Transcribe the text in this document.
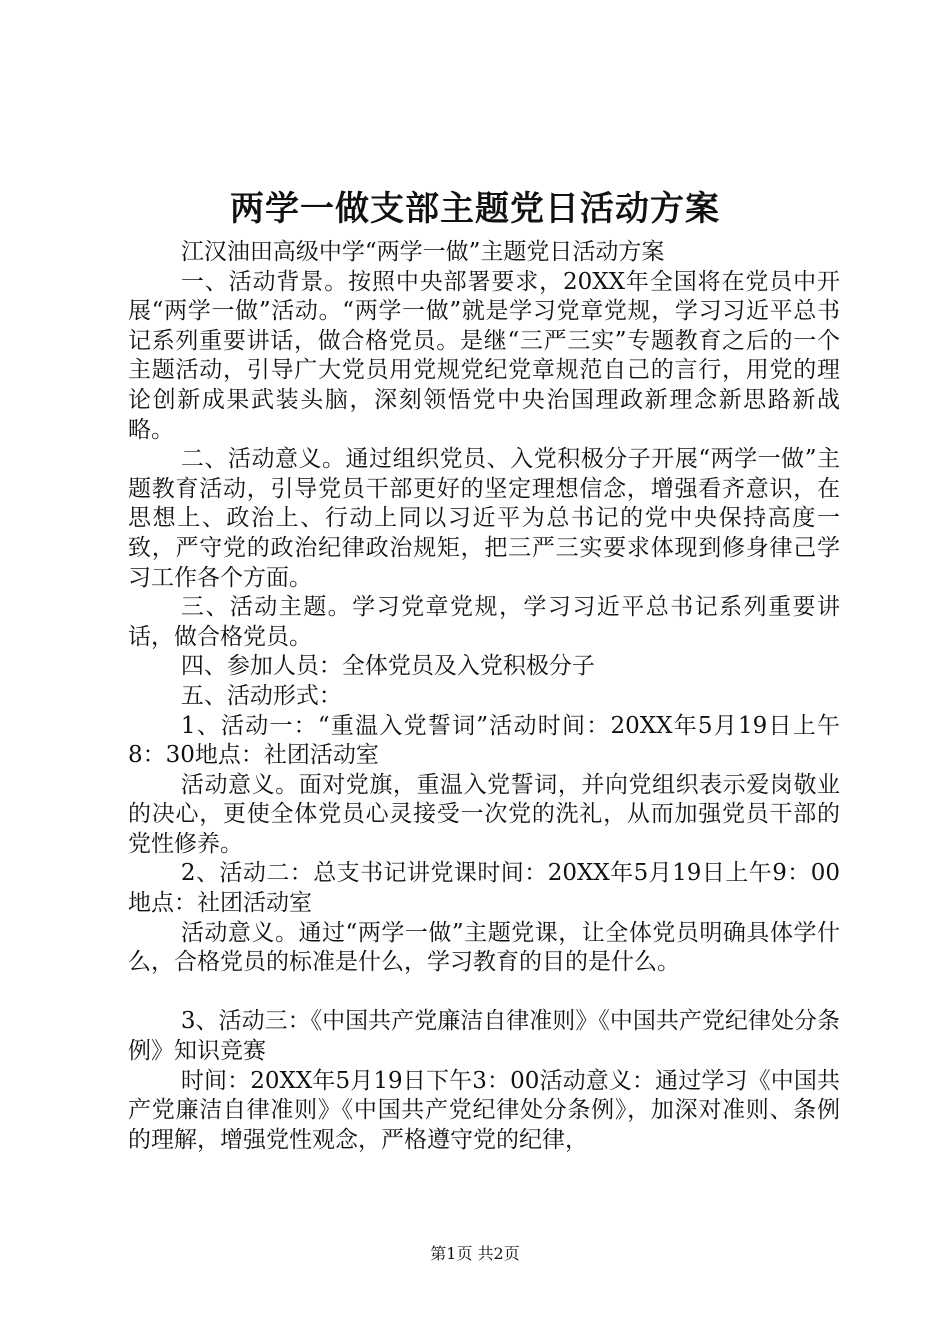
两学一做支部主题党日活动方案

江汉油田高级中学“两学一做”主题党日活动方案

一、活动背景。按照中央部署要求，20XX年全国将在党员中开展“两学一做”活动。“两学一做”就是学习党章党规，学习习近平总书记系列重要讲话，做合格党员。是继“三严三实”专题教育之后的一个主题活动，引导广大党员用党规党纪党章规范自己的言行，用党的理论创新成果武装头脑，深刻领悟党中央治国理政新理念新思路新战略。

二、活动意义。通过组织党员、入党积极分子开展“两学一做”主题教育活动，引导党员干部更好的坚定理想信念，增强看齐意识，在思想上、政治上、行动上同以习近平为总书记的党中央保持高度一致，严守党的政治纪律政治规矩，把三严三实要求体现到修身律己学习工作各个方面。

三、活动主题。学习党章党规，学习习近平总书记系列重要讲话，做合格党员。

四、参加人员：全体党员及入党积极分子

五、活动形式：

1、活动一：“重温入党誓词”活动时间：20XX年5月19日上午8：30地点：社团活动室

活动意义。面对党旗，重温入党誓词，并向党组织表示爱岗敬业的决心，更使全体党员心灵接受一次党的洗礼，从而加强党员干部的党性修养。

2、活动二：总支书记讲党课时间：20XX年5月19日上午9：00地点：社团活动室

活动意义。通过“两学一做”主题党课，让全体党员明确具体学什么，合格党员的标准是什么，学习教育的目的是什么。

3、活动三：《中国共产党廉洁自律准则》《中国共产党纪律处分条例》知识竞赛

时间：20XX年5月19日下午3：00活动意义：通过学习《中国共产党廉洁自律准则》《中国共产党纪律处分条例》，加深对准则、条例的理解，增强党性观念，严格遵守党的纪律，

第1页 共2页
